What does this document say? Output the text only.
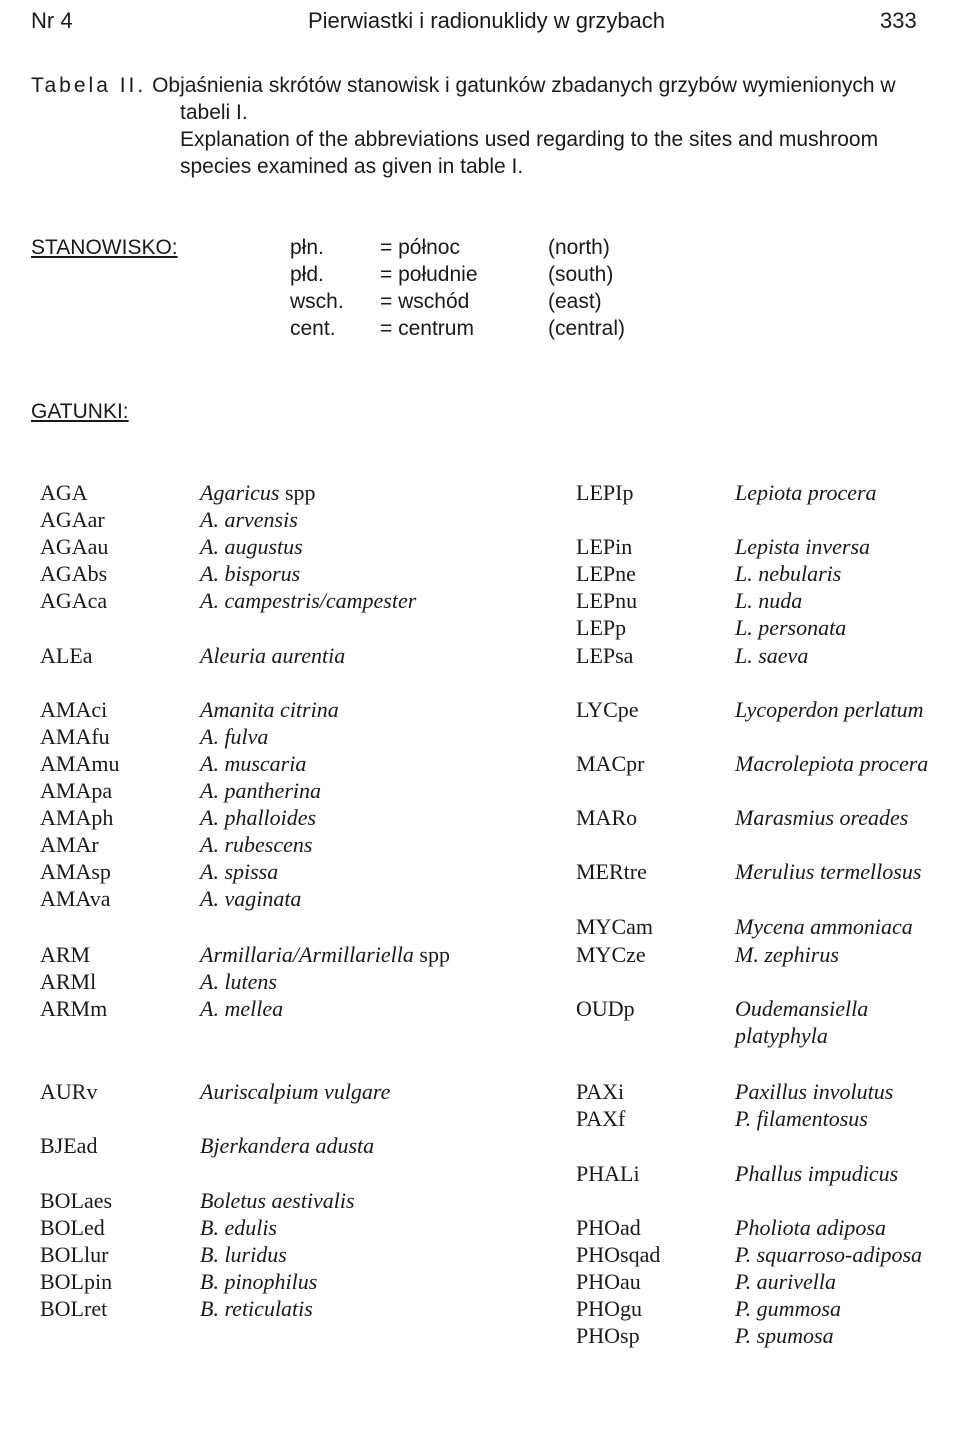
Nr 4	Pierwiastki i radionuklidy w grzybach	333
Tabela II. Objaśnienia skrótów stanowisk i gatunków zbadanych grzybów wymienionych w
tabeli I.
Explanation of the abbreviations used regarding to the sites and mushroom
species examined as given in table I.
STANOWISKO:	płn.	= północ	(north)
płd.	= południe	(south)
wsch. = wschód	(east)
cent. = centrum	(central)
GATUNKI:
AGA	Agaricus spp
AGAar	A. arvensis
AGAau	A. augustus
AGAbs	A. bisporus
AGAca	A. campestris/campester
ALEa	Aleuria aurentia
AMAci	Amanita citrina
AMAfu	A. fulva
AMAmu	A. muscaria
AMApa	A. pantherina
AMAph	A. phalloides
AMAr	A. rubescens
AMAsp	A. spissa
AMAva	A. vaginata
ARM	Armillaria/Armillariella spp
ARMl	A. lutens
ARMm	A. mellea
AURv	Auriscalpium vulgare
BJEad	Bjerkandera adusta
BOLaes	Boletus aestivalis
BOLed	B. edulis
BOLlur	B. luridus
BOLpin	B. pinophilus
BOLret	B. reticulatis
LEPIp	Lepiota procera
LEPin	Lepista inversa
LEPne	L. nebularis
LEPnu	L. nuda
LEPp	L. personata
LEPsa	L. saeva
LYCpe	Lycoperdon perlatum
MACpr	Macrolepiota procera
MARo	Marasmius oreades
MERtre	Merulius termellosus
MYCam	Mycena ammoniaca
MYCze	M. zephirus
OUDp	Oudemansiella
platyphyla
PAXi	Paxillus involutus
PAXf	P. filamentosus
PHALi	Phallus impudicus
PHOad	Pholiota adiposa
PHOsqad	P. squarroso-adiposa
PHOau	P. aurivella
PHOgu	P. gummosa
PHOsp	P. spumosa
